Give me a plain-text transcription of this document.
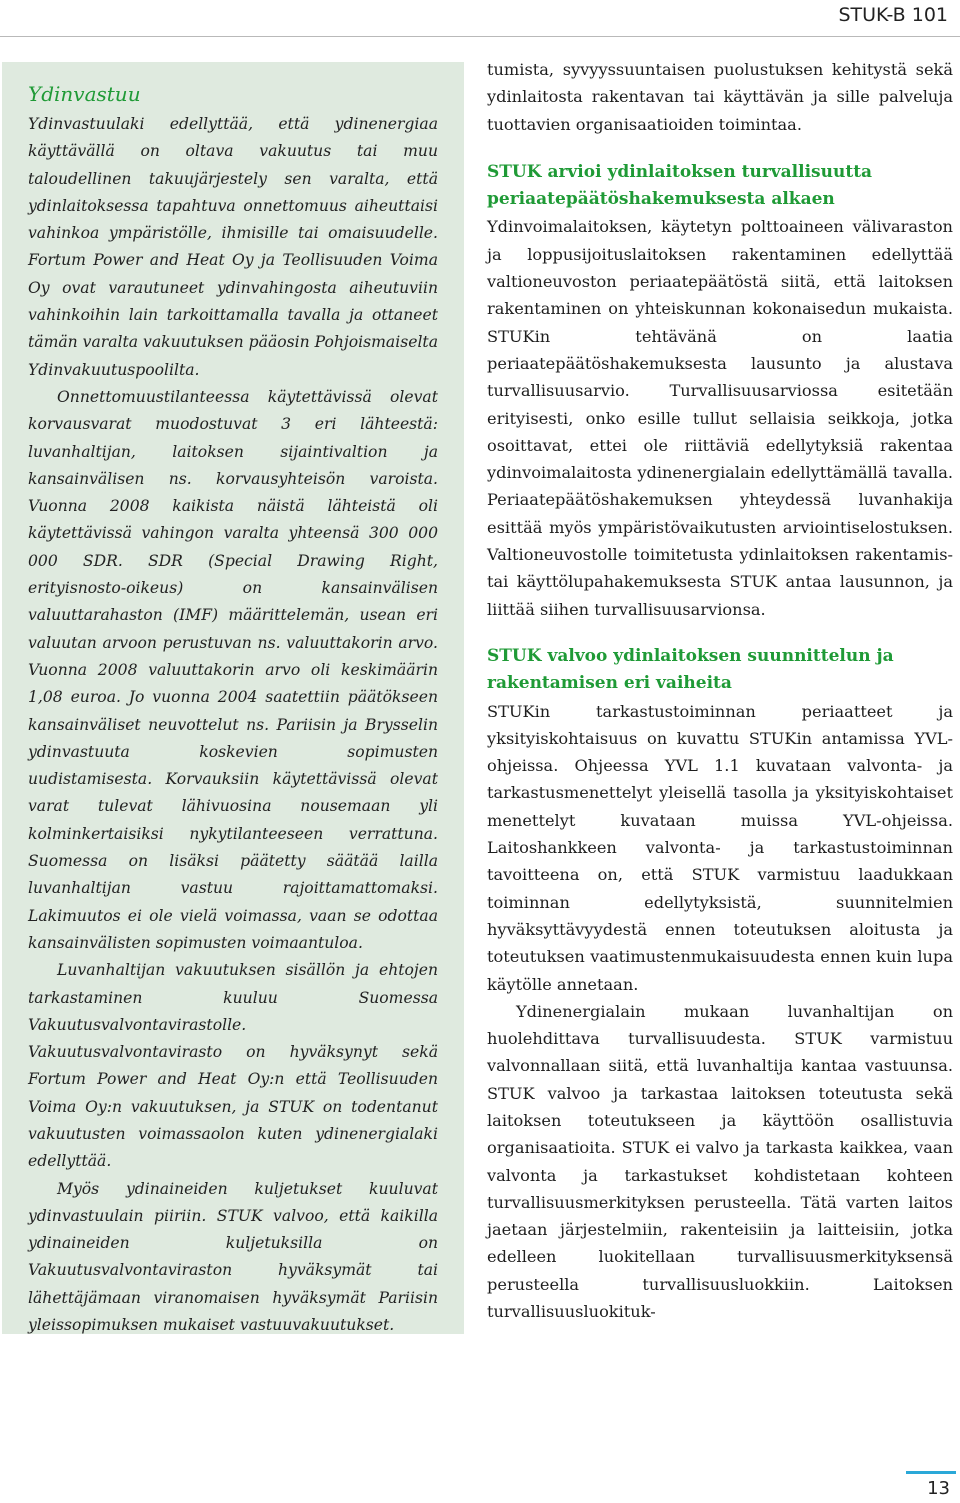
STUK-B 101
Ydinvastuu

Ydinvastuulaki edellyttää, että ydinenergiaa käyttävällä on oltava vakuutus tai muu taloudellinen takuujärjestely sen varalta, että ydinlaitoksessa tapahtuva onnettomuus aiheuttaisi vahinkoa ympäristölle, ihmisille tai omaisuudelle. Fortum Power and Heat Oy ja Teollisuuden Voima Oy ovat varautuneet ydinvahingosta aiheutuviin vahinkoihin lain tarkoittamalla tavalla ja ottaneet tämän varalta vakuutuksen pääosin Pohjoismaiselta Ydinvakuutuspoolilta.

Onnettomuustilanteessa käytettävissä olevat korvausvarat muodostuvat 3 eri lähteestä: luvanhaltijan, laitoksen sijaintivaltion ja kansainvälisen ns. korvausyhteisön varoista. Vuonna 2008 kaikista näistä lähteistä oli käytettävissä vahingon varalta yhteensä 300 000 000 SDR. SDR (Special Drawing Right, erityisnosto-oikeus) on kansainvälisen valuuttarahaston (IMF) määrittelemän, usean eri valuutan arvoon perustuvan ns. valuuttakorin arvo. Vuonna 2008 valuuttakorin arvo oli keskimäärin 1,08 euroa. Jo vuonna 2004 saatettiin päätökseen kansainväliset neuvottelut ns. Pariisin ja Brysselin ydinvastuuta koskevien sopimusten uudistamisesta. Korvauksiin käytettävissä olevat varat tulevat lähivuosina nousemaan yli kolminkertaisiksi nykytilanteeseen verrattuna. Suomessa on lisäksi päätetty säätää lailla luvanhaltijan vastuu rajoittamattomaksi. Lakimuutos ei ole vielä voimassa, vaan se odottaa kansainvälisten sopimusten voimaantuloa.

Luvanhaltijan vakuutuksen sisällön ja ehtojen tarkastaminen kuuluu Suomessa Vakuutusvalvontavirastolle. Vakuutusvalvontavirasto on hyväksynyt sekä Fortum Power and Heat Oy:n että Teollisuuden Voima Oy:n vakuutuksen, ja STUK on todentanut vakuutusten voimassaolon kuten ydinenergialaki edellyttää.

Myös ydinaineiden kuljetukset kuuluvat ydinvastuulain piiriin. STUK valvoo, että kaikilla ydinaineiden kuljetuksilla on Vakuutusvalvontaviraston hyväksymät tai lähettäjämaan viranomaisen hyväksymät Pariisin yleissopimuksen mukaiset vastuuvakuutukset.

tumista, syvyyssuuntaisen puolustuksen kehitystä sekä ydinlaitosta rakentavan tai käyttävän ja sille palveluja tuottavien organisaatioiden toimintaa.

STUK arvioi ydinlaitoksen turvallisuutta periaatepäätöshakemuksesta alkaen

Ydinvoimalaitoksen, käytetyn polttoaineen välivaraston ja loppusijoituslaitoksen rakentaminen edellyttää valtioneuvoston periaatepäätöstä siitä, että laitoksen rakentaminen on yhteiskunnan kokonaisedun mukaista. STUKin tehtävänä on laatia periaatepäätöshakemuksesta lausunto ja alustava turvallisuusarvio. Turvallisuusarviossa esitetään erityisesti, onko esille tullut sellaisia seikkoja, jotka osoittavat, ettei ole riittäviä edellytyksiä rakentaa ydinvoimalaitosta ydinenergialain edellyttämällä tavalla. Periaatepäätöshakemuksen yhteydessä luvanhakija esittää myös ympäristövaikutusten arviointiselostuksen. Valtioneuvostolle toimitetusta ydinlaitoksen rakentamis- tai käyttölupahakemuksesta STUK antaa lausunnon, ja liittää siihen turvallisuusarvionsa.

STUK valvoo ydinlaitoksen suunnittelun ja rakentamisen eri vaiheita

STUKin tarkastustoiminnan periaatteet ja yksityiskohtaisuus on kuvattu STUKin antamissa YVL-ohjeissa. Ohjeessa YVL 1.1 kuvataan valvonta- ja tarkastusmenettelyt yleisellä tasolla ja yksityiskohtaiset menettelyt kuvataan muissa YVL-ohjeissa. Laitoshankkeen valvonta- ja tarkastustoiminnan tavoitteena on, että STUK varmistuu laadukkaan toiminnan edellytyksistä, suunnitelmien hyväksyttävyydestä ennen toteutuksen aloitusta ja toteutuksen vaatimustenmukaisuudesta ennen kuin lupa käytölle annetaan.

Ydinenergialain mukaan luvanhaltijan on huolehdittava turvallisuudesta. STUK varmistuu valvonnallaan siitä, että luvanhaltija kantaa vastuunsa. STUK valvoo ja tarkastaa laitoksen toteutusta sekä laitoksen toteutukseen ja käyttöön osallistuvia organisaatioita. STUK ei valvo ja tarkasta kaikkea, vaan valvonta ja tarkastukset kohdistetaan kohteen turvallisuusmerkityksen perusteella. Tätä varten laitos jaetaan järjestelmiin, rakenteisiin ja laitteisiin, jotka edelleen luokitellaan turvallisuusmerkityksensä perusteella turvallisuusluokkiin. Laitoksen turvallisuusluokituk-

13
